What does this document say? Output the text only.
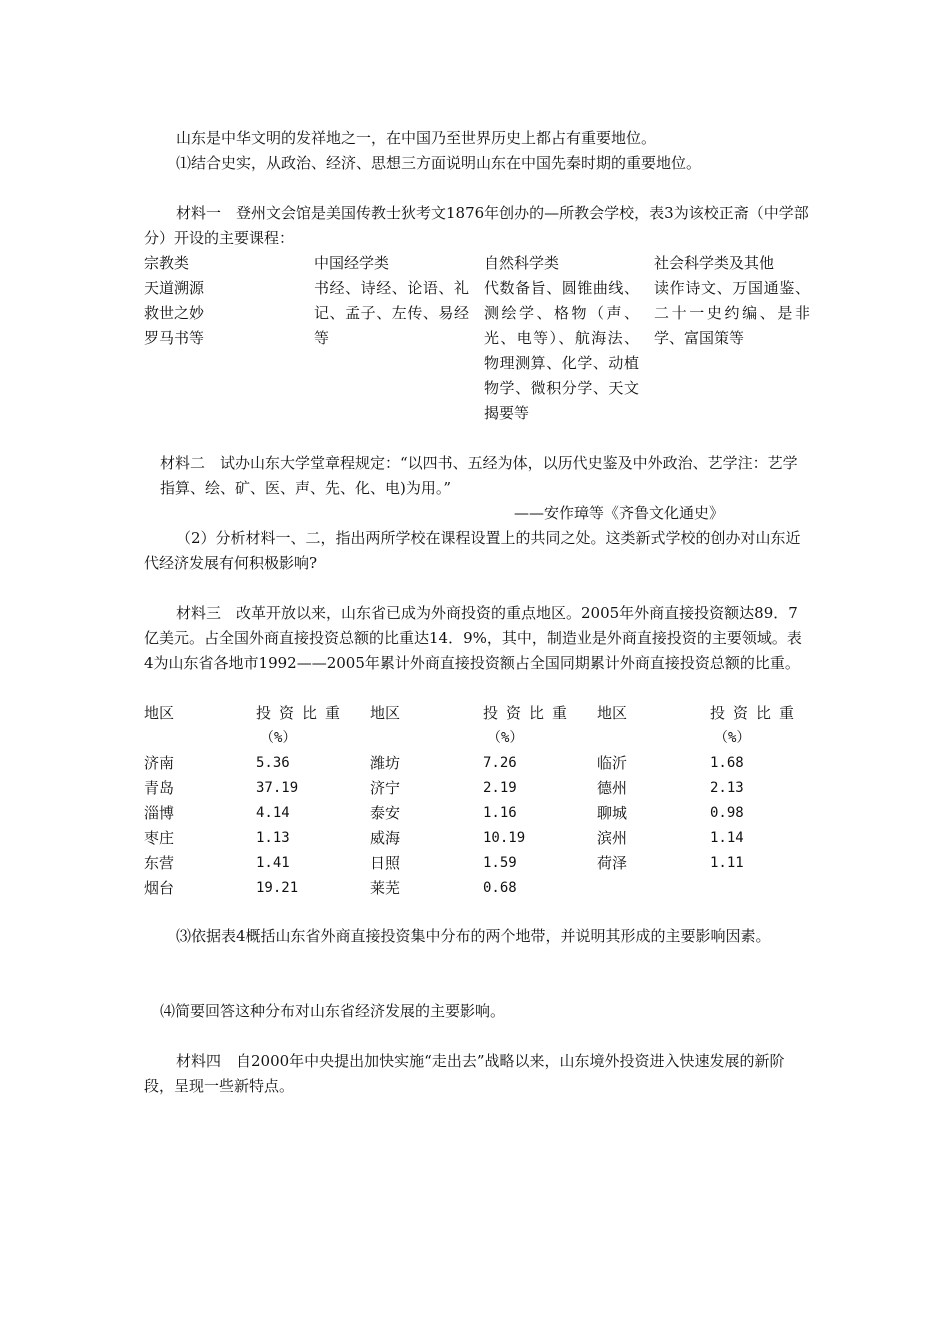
山东是中华文明的发祥地之一，在中国乃至世界历史上都占有重要地位。

⑴结合史实，从政治、经济、思想三方面说明山东在中国先秦时期的重要地位。

材料一　登州文会馆是美国传教士狄考文1876年创办的—所教会学校，表3为该校正斋（中学部分）开设的主要课程：

宗教类
天道溯源
救世之妙
罗马书等
中国经学类
书经、诗经、论语、礼记、孟子、左传、易经等
自然科学类
代数备旨、圆锥曲线、测绘学、格物（声、光、电等）、航海法、物理测算、化学、动植物学、微积分学、天文揭要等
社会科学类及其他
读作诗文、万国通鉴、二十一史约编、是非学、富国策等

材料二　试办山东大学堂章程规定：“以四书、五经为体，以历代史鉴及中外政治、艺学注：艺学指算、绘、矿、医、声、先、化、电)为用。”

——安作璋等《齐鲁文化通史》

（2）分析材料一、二，指出两所学校在课程设置上的共同之处。这类新式学校的创办对山东近代经济发展有何积极影响?

材料三　改革开放以来，山东省已成为外商投资的重点地区。2005年外商直接投资额达89．7亿美元。占全国外商直接投资总额的比重达14．9%，其中，制造业是外商直接投资的主要领域。表4为山东省各地市1992——2005年累计外商直接投资额占全国同期累计外商直接投资总额的比重。

地区
济南
青岛
淄博
枣庄
东营
烟台
投资比重
（%）
5.36
37.19
4.14
1.13
1.41
19.21
地区
潍坊
济宁
泰安
威海
日照
莱芜
投资比重
（%）
7.26
2.19
1.16
10.19
1.59
0.68
地区
临沂
德州
聊城
滨州
荷泽
投资比重
（%）
1.68
2.13
0.98
1.14
1.11

⑶依据表4概括山东省外商直接投资集中分布的两个地带，并说明其形成的主要影响因素。

⑷简要回答这种分布对山东省经济发展的主要影响。

材料四　自2000年中央提出加快实施“走出去”战略以来，山东境外投资进入快速发展的新阶段，呈现一些新特点。
